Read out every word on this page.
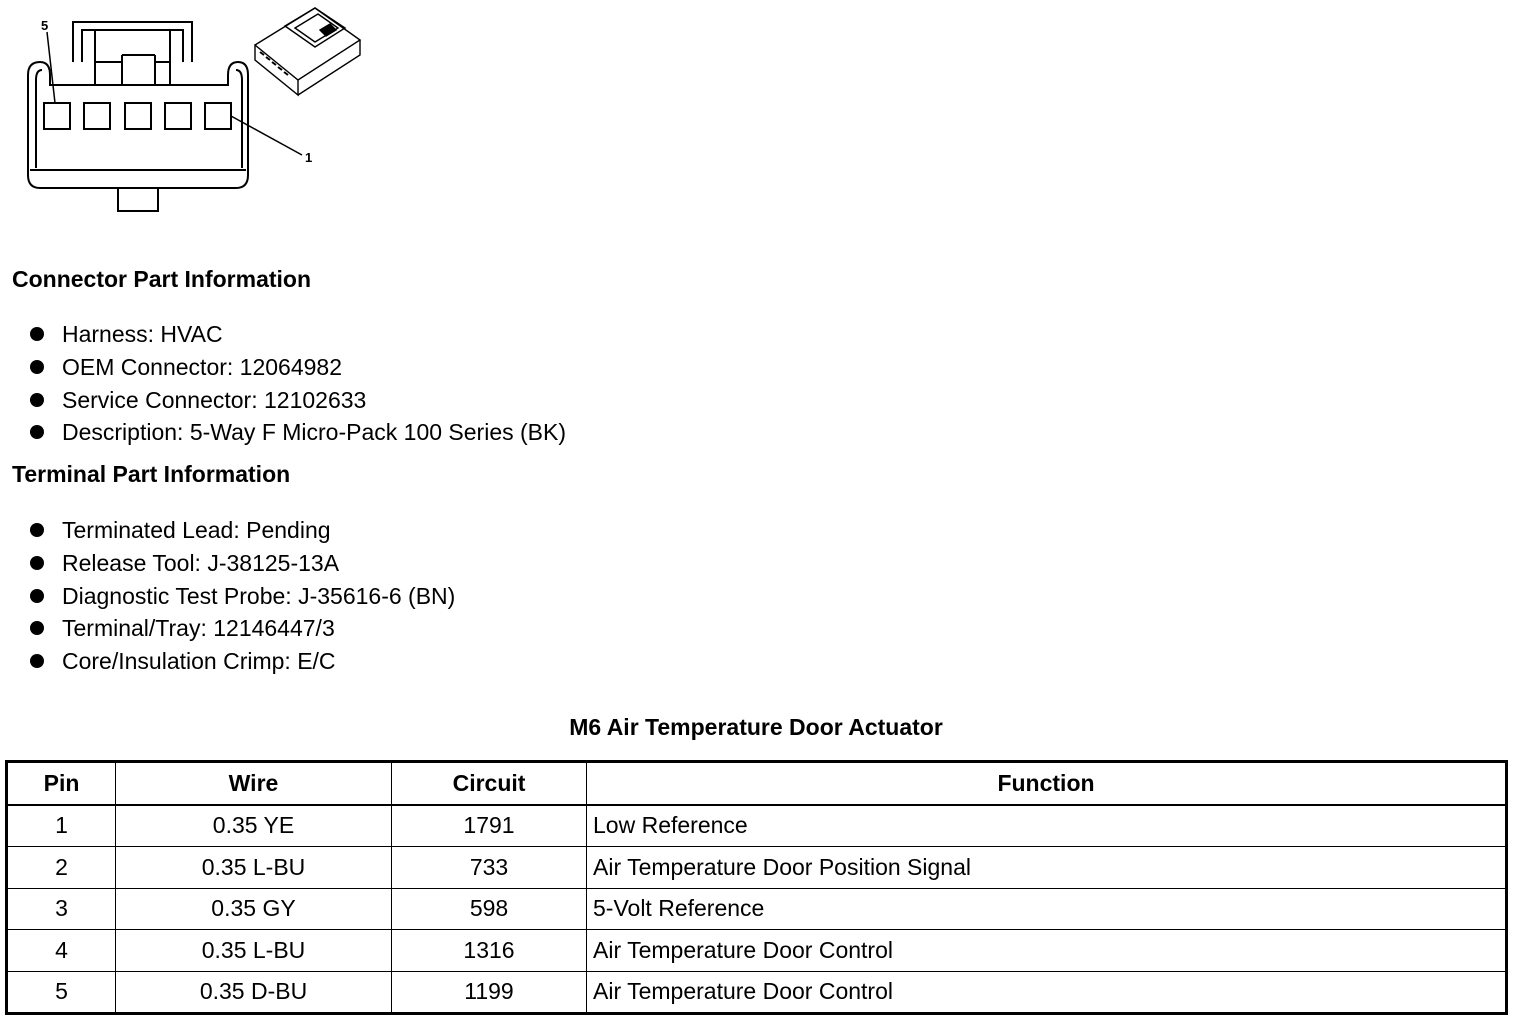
5
1
Connector Part Information
Harness: HVAC
OEM Connector: 12064982
Service Connector: 12102633
Description: 5-Way F Micro-Pack 100 Series (BK)
Terminal Part Information
Terminated Lead: Pending
Release Tool: J-38125-13A
Diagnostic Test Probe: J-35616-6 (BN)
Terminal/Tray: 12146447/3
Core/Insulation Crimp: E/C
M6 Air Temperature Door Actuator
Pin	Wire	Circuit	Function
1	0.35 YE	1791	Low Reference
2	0.35 L-BU	733	Air Temperature Door Position Signal
3	0.35 GY	598	5-Volt Reference
4	0.35 L-BU	1316	Air Temperature Door Control
5	0.35 D-BU	1199	Air Temperature Door Control
